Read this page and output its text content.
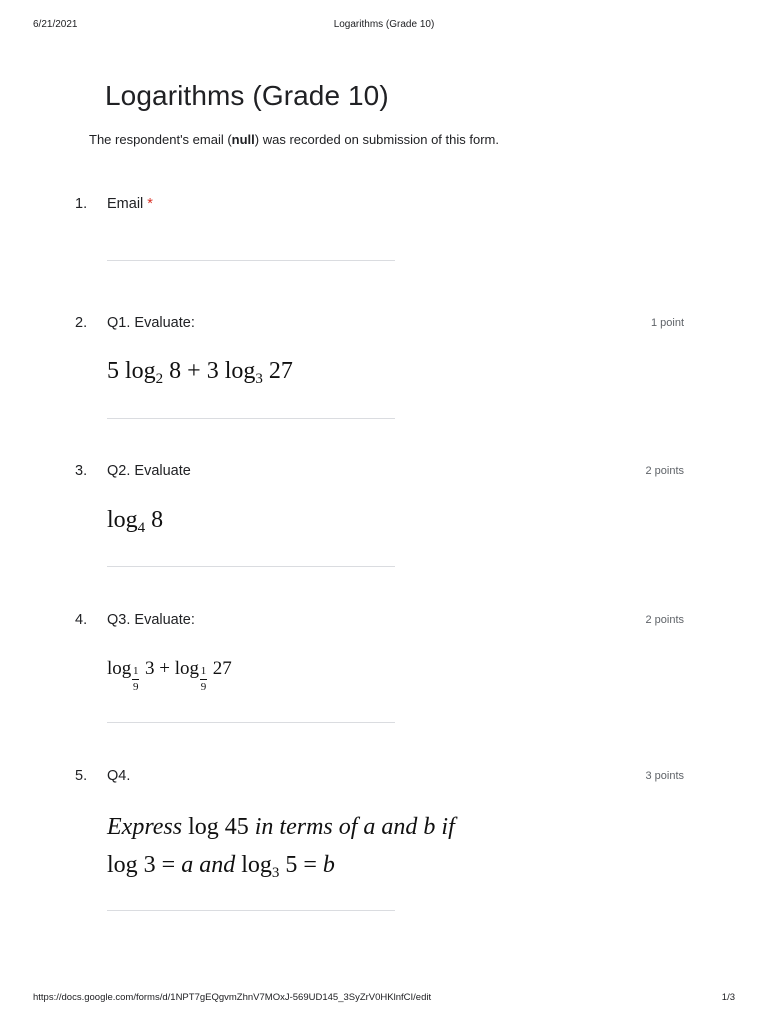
6/21/2021	Logarithms (Grade 10)
Logarithms (Grade 10)
The respondent's email (null) was recorded on submission of this form.
1. Email *
2. Q1. Evaluate:	1 point
5 $\log_2 8 + 3$ $\log_3 27$
3. Q2. Evaluate	2 points
$\log_4 8$
4. Q3. Evaluate:	2 points
$\log \frac{1}{9} 3 + \log \frac{1}{9} 27$
5. Q4.	3 points
Express log 45 in terms of a and b if
log 3 = a and $\log_3 5 = b$
https://docs.google.com/forms/d/1NPT7gEQgvmZhnV7MOxJ-569UD145_3SyZrV0HKlnfCI/edit	1/3
